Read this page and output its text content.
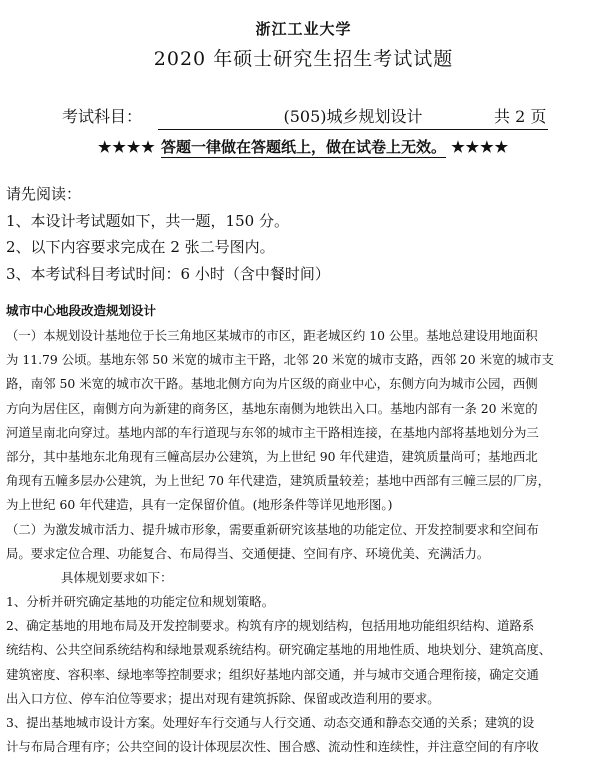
浙江工业大学
2020 年硕士研究生招生考试试题
考试科目：	(505)城乡规划设计	共 2 页
★★★★ 答题一律做在答题纸上，做在试卷上无效。 ★★★★
请先阅读：
1、本设计考试题如下，共一题，150 分。
2、以下内容要求完成在 2 张二号图内。
3、本考试科目考试时间：6 小时（含中餐时间）
城市中心地段改造规划设计
（一）本规划设计基地位于长三角地区某城市的市区，距老城区约 10 公里。基地总建设用地面积
为 11.79 公顷。基地东邻 50 米宽的城市主干路，北邻 20 米宽的城市支路，西邻 20 米宽的城市支
路，南邻 50 米宽的城市次干路。基地北侧方向为片区级的商业中心，东侧方向为城市公园，西侧
方向为居住区，南侧方向为新建的商务区，基地东南侧为地铁出入口。基地内部有一条 20 米宽的
河道呈南北向穿过。基地内部的车行道现与东邻的城市主干路相连接，在基地内部将基地划分为三
部分，其中基地东北角现有三幢高层办公建筑，为上世纪 90 年代建造，建筑质量尚可；基地西北
角现有五幢多层办公建筑，为上世纪 70 年代建造，建筑质量较差；基地中西部有三幢三层的厂房，
为上世纪 60 年代建造，具有一定保留价值。(地形条件等详见地形图。)
（二）为激发城市活力、提升城市形象，需要重新研究该基地的功能定位、开发控制要求和空间布
局。要求定位合理、功能复合、布局得当、交通便捷、空间有序、环境优美、充满活力。
具体规划要求如下：
1、分析并研究确定基地的功能定位和规划策略。
2、确定基地的用地布局及开发控制要求。构筑有序的规划结构，包括用地功能组织结构、道路系
统结构、公共空间系统结构和绿地景观系统结构。研究确定基地的用地性质、地块划分、建筑高度、
建筑密度、容积率、绿地率等控制要求；组织好基地内部交通，并与城市交通合理衔接，确定交通
出入口方位、停车泊位等要求；提出对现有建筑拆除、保留或改造利用的要求。
3、提出基地城市设计方案。处理好车行交通与人行交通、动态交通和静态交通的关系；建筑的设
计与布局合理有序；公共空间的设计体现层次性、围合感、流动性和连续性，并注意空间的有序收
